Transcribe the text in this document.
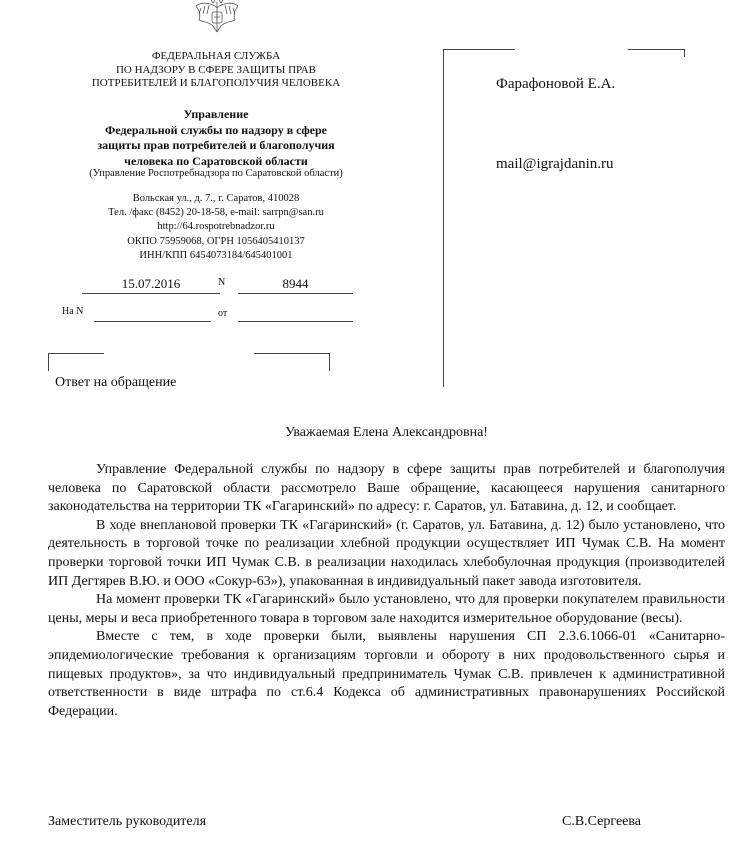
ФЕДЕРАЛЬНАЯ СЛУЖБА
ПО НАДЗОРУ В СФЕРЕ ЗАЩИТЫ ПРАВ
ПОТРЕБИТЕЛЕЙ И БЛАГОПОЛУЧИЯ ЧЕЛОВЕКА
Управление
Федеральной службы по надзору в сфере
защиты прав потребителей и благополучия
человека по Саратовской области
(Управление Роспотребнадзора по Саратовской области)
Вольская ул., д. 7., г. Саратов, 410028
Тел. /факс (8452) 20-18-58, e-mail: sarrpn@san.ru
http://64.rospotrebnadzor.ru
ОКПО 75959068, ОГРН 1056405410137
ИНН/КПП 6454073184/645401001
15.07.2016	N	8944
На N	от
Ответ на обращение
Фарафоновой Е.А.
mail@igrajdanin.ru
Уважаемая Елена Александровна!

Управление Федеральной службы по надзору в сфере защиты прав потребителей и благополучия человека по Саратовской области рассмотрело Ваше обращение, касающееся нарушения санитарного законодательства на территории ТК «Гагаринский» по адресу: г. Саратов, ул. Батавина, д. 12, и сообщает.

В ходе внеплановой проверки ТК «Гагаринский» (г. Саратов, ул. Батавина, д. 12) было установлено, что деятельность в торговой точке по реализации хлебной продукции осуществляет ИП Чумак С.В. На момент проверки торговой точки ИП Чумак С.В. в реализации находилась хлебобулочная продукция (производителей ИП Дегтярев В.Ю. и ООО «Сокур-63»), упакованная в индивидуальный пакет завода изготовителя.

На момент проверки ТК «Гагаринский» было установлено, что для проверки покупателем правильности цены, меры и веса приобретенного товара в торговом зале находится измерительное оборудование (весы).

Вместе с тем, в ходе проверки были, выявлены нарушения СП 2.3.6.1066-01 «Санитарно-эпидемиологические требования к организациям торговли и обороту в них продовольственного сырья и пищевых продуктов», за что индивидуальный предприниматель Чумак С.В. привлечен к административной ответственности в виде штрафа по ст.6.4 Кодекса об административных правонарушениях Российской Федерации.

Заместитель руководителя	С.В.Сергеева
